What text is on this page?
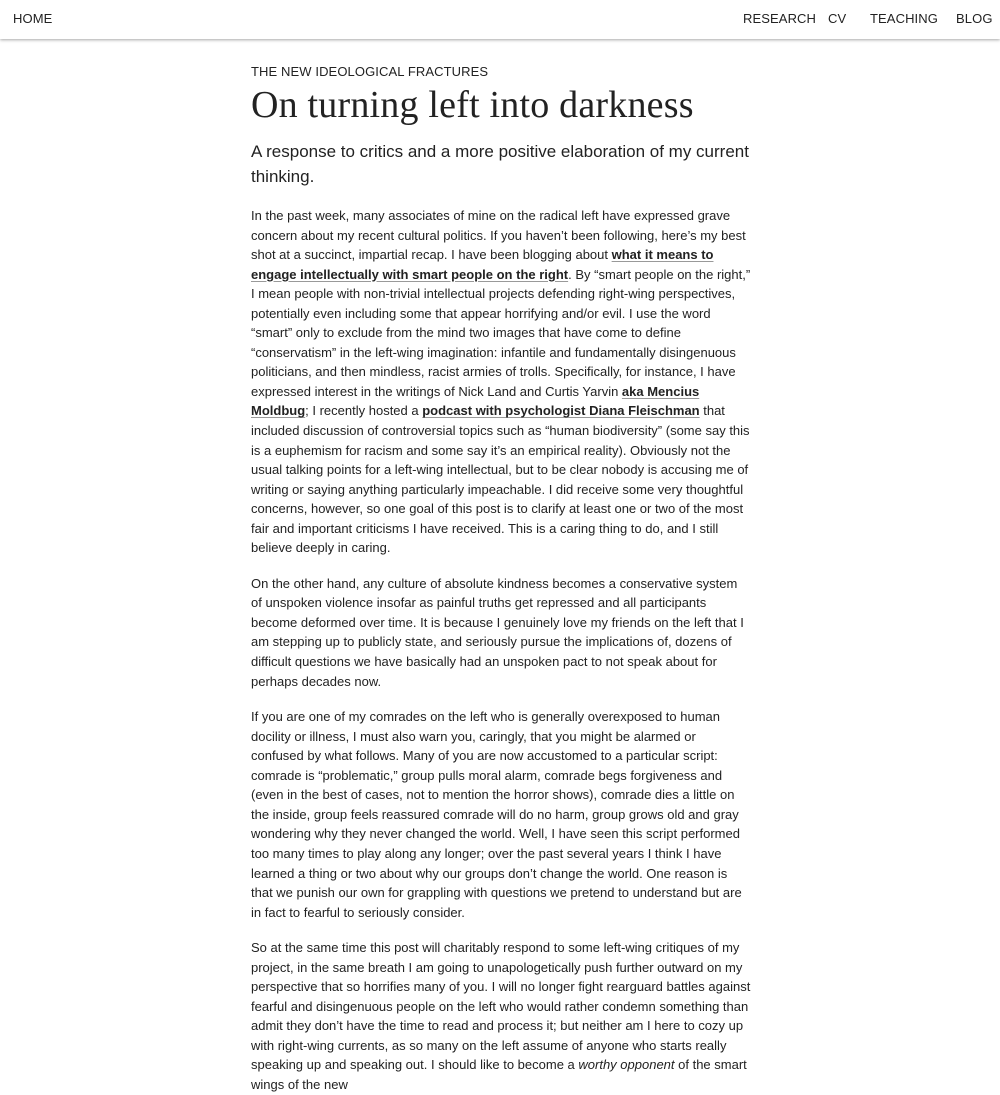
HOME	RESEARCH CV TEACHING BLOG

THE NEW IDEOLOGICAL FRACTURES

On turning left into darkness

A response to critics and a more positive elaboration of my current thinking.

In the past week, many associates of mine on the radical left have expressed grave concern about my recent cultural politics. If you haven’t been following, here’s my best shot at a succinct, impartial recap. I have been blogging about what it means to engage intellectually with smart people on the right. By “smart people on the right,” I mean people with non-trivial intellectual projects defending right-wing perspectives, potentially even including some that appear horrifying and/or evil. I use the word “smart” only to exclude from the mind two images that have come to define “conservatism” in the left-wing imagination: infantile and fundamentally disingenuous politicians, and then mindless, racist armies of trolls. Specifically, for instance, I have expressed interest in the writings of Nick Land and Curtis Yarvin aka Mencius Moldbug; I recently hosted a podcast with psychologist Diana Fleischman that included discussion of controversial topics such as “human biodiversity” (some say this is a euphemism for racism and some say it’s an empirical reality). Obviously not the usual talking points for a left-wing intellectual, but to be clear nobody is accusing me of writing or saying anything particularly impeachable. I did receive some very thoughtful concerns, however, so one goal of this post is to clarify at least one or two of the most fair and important criticisms I have received. This is a caring thing to do, and I still believe deeply in caring.

On the other hand, any culture of absolute kindness becomes a conservative system of unspoken violence insofar as painful truths get repressed and all participants become deformed over time. It is because I genuinely love my friends on the left that I am stepping up to publicly state, and seriously pursue the implications of, dozens of difficult questions we have basically had an unspoken pact to not speak about for perhaps decades now.

If you are one of my comrades on the left who is generally overexposed to human docility or illness, I must also warn you, caringly, that you might be alarmed or confused by what follows. Many of you are now accustomed to a particular script: comrade is “problematic,” group pulls moral alarm, comrade begs forgiveness and (even in the best of cases, not to mention the horror shows), comrade dies a little on the inside, group feels reassured comrade will do no harm, group grows old and gray wondering why they never changed the world. Well, I have seen this script performed too many times to play along any longer; over the past several years I think I have learned a thing or two about why our groups don’t change the world. One reason is that we punish our own for grappling with questions we pretend to understand but are in fact to fearful to seriously consider.

So at the same time this post will charitably respond to some left-wing critiques of my project, in the same breath I am going to unapologetically push further outward on my perspective that so horrifies many of you. I will no longer fight rearguard battles against fearful and disingenuous people on the left who would rather condemn something than admit they don’t have the time to read and process it; but neither am I here to cozy up with right-wing currents, as so many on the left assume of anyone who starts really speaking up and speaking out. I should like to become a worthy opponent of the smart wings of the new
